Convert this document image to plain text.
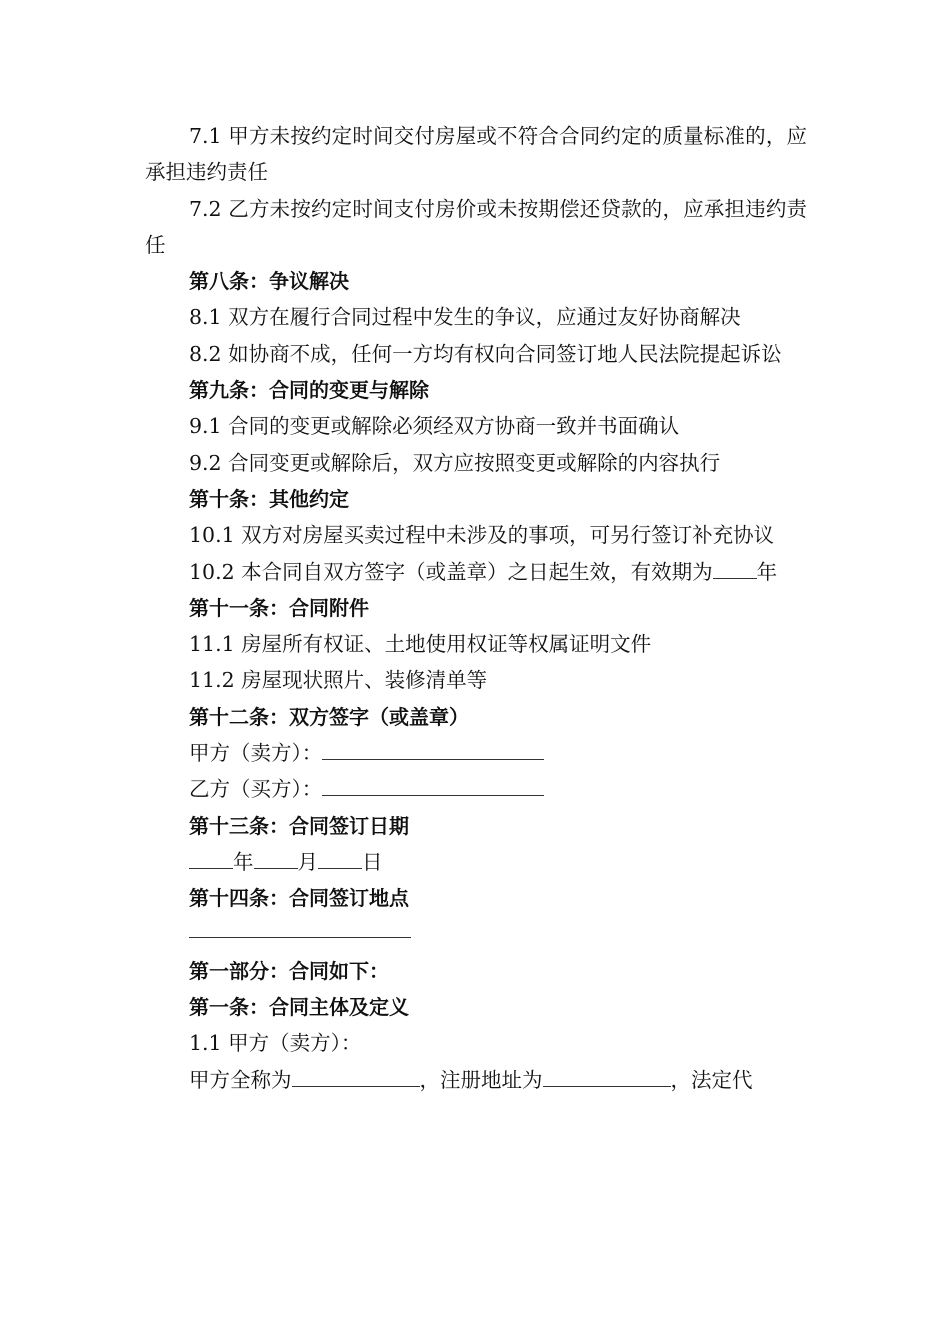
7.1 甲方未按约定时间交付房屋或不符合合同约定的质量标准的，应承担违约责任
7.2 乙方未按约定时间支付房价或未按期偿还贷款的，应承担违约责任
第八条：争议解决
8.1 双方在履行合同过程中发生的争议，应通过友好协商解决
8.2 如协商不成，任何一方均有权向合同签订地人民法院提起诉讼
第九条：合同的变更与解除
9.1 合同的变更或解除必须经双方协商一致并书面确认
9.2 合同变更或解除后，双方应按照变更或解除的内容执行
第十条：其他约定
10.1 双方对房屋买卖过程中未涉及的事项，可另行签订补充协议
10.2 本合同自双方签字（或盖章）之日起生效，有效期为 年
第十一条：合同附件
11.1 房屋所有权证、土地使用权证等权属证明文件
11.2 房屋现状照片、装修清单等
第十二条：双方签字（或盖章）
甲方（卖方）：
乙方（买方）：
第十三条：合同签订日期
年 月 日
第十四条：合同签订地点
第一部分：合同如下：
第一条：合同主体及定义
1.1 甲方（卖方）：
甲方全称为	，注册地址为	，法定代
